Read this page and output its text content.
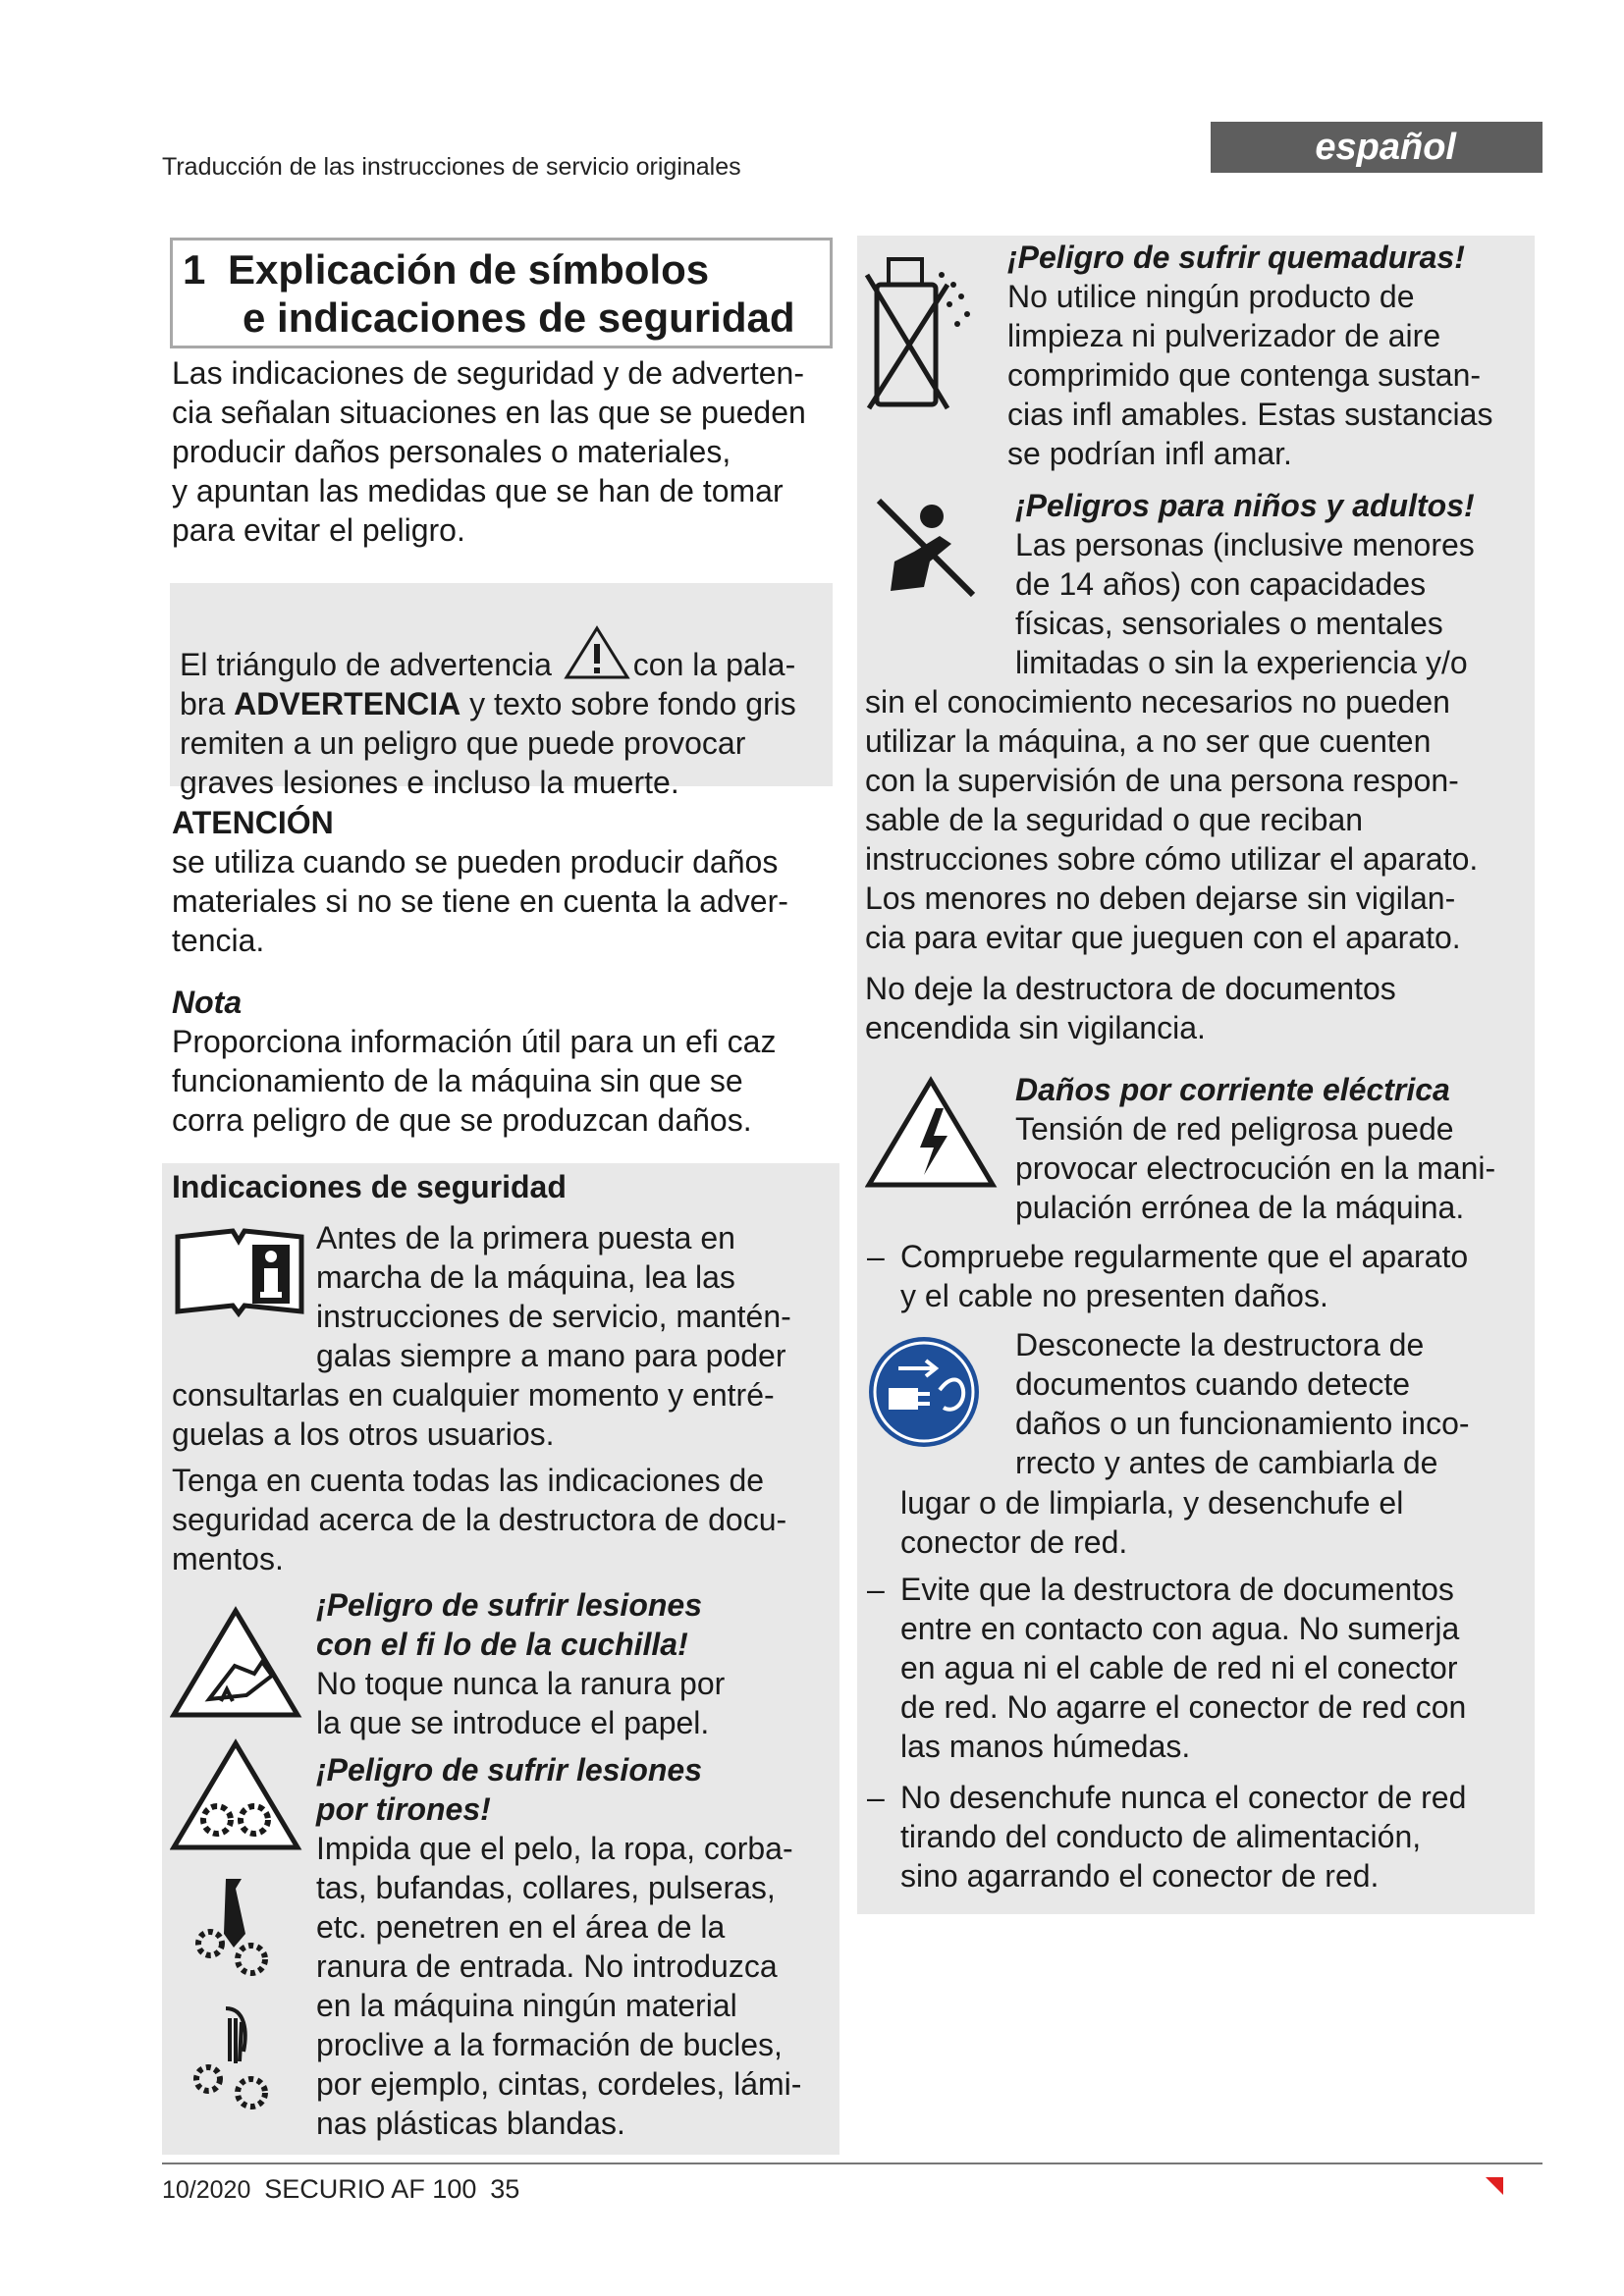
español
Traducción de las instrucciones de servicio originales
1 Explicación de símbolos
e indicaciones de seguridad
Las indicaciones de seguridad y de adverten-
cia señalan situaciones en las que se pueden
producir daños personales o materiales,
y apuntan las medidas que se han de tomar
para evitar el peligro.
El triángulo de advertencia	con la pala-
bra ADVERTENCIA y texto sobre fondo gris
remiten a un peligro que puede provocar
graves lesiones e incluso la muerte.
ATENCIÓN
se utiliza cuando se pueden producir daños
materiales si no se tiene en cuenta la adver-
tencia.
Nota
Proporciona información útil para un efi caz
funcionamiento de la máquina sin que se
corra peligro de que se produzcan daños.
Indicaciones de seguridad
Antes de la primera puesta en
marcha de la máquina, lea las
instrucciones de servicio, mantén-
galas siempre a mano para poder
consultarlas en cualquier momento y entré-
guelas a los otros usuarios.
Tenga en cuenta todas las indicaciones de
seguridad acerca de la destructora de docu-
mentos.
¡Peligro de sufrir lesiones
con el fi lo de la cuchilla!
No toque nunca la ranura por
la que se introduce el papel.
¡Peligro de sufrir lesiones
por tirones!
Impida que el pelo, la ropa, corba-
tas, bufandas, collares, pulseras,
etc. penetren en el área de la
ranura de entrada. No introduzca
en la máquina ningún material
proclive a la formación de bucles,
por ejemplo, cintas, cordeles, lámi-
nas plásticas blandas.
¡Peligro de sufrir quemaduras!
No utilice ningún producto de
limpieza ni pulverizador de aire
comprimido que contenga sustan-
cias infl amables. Estas sustancias
se podrían infl amar.
¡Peligros para niños y adultos!
Las personas (inclusive menores
de 14 años) con capacidades
físicas, sensoriales o mentales
limitadas o sin la experiencia y/o
sin el conocimiento necesarios no pueden
utilizar la máquina, a no ser que cuenten
con la supervisión de una persona respon-
sable de la seguridad o que reciban
instrucciones sobre cómo utilizar el aparato.
Los menores no deben dejarse sin vigilan-
cia para evitar que jueguen con el aparato.
No deje la destructora de documentos
encendida sin vigilancia.
Daños por corriente eléctrica
Tensión de red peligrosa puede
provocar electrocución en la mani-
pulación errónea de la máquina.
– Compruebe regularmente que el aparato
y el cable no presenten daños.
Desconecte la destructora de
documentos cuando detecte
daños o un funcionamiento inco-
rrecto y antes de cambiarla de
lugar o de limpiarla, y desenchufe el
conector de red.
– Evite que la destructora de documentos
entre en contacto con agua. No sumerja
en agua ni el cable de red ni el conector
de red. No agarre el conector de red con
las manos húmedas.
– No desenchufe nunca el conector de red
tirando del conducto de alimentación,
sino agarrando el conector de red.
10/2020 SECURIO AF 100 35
